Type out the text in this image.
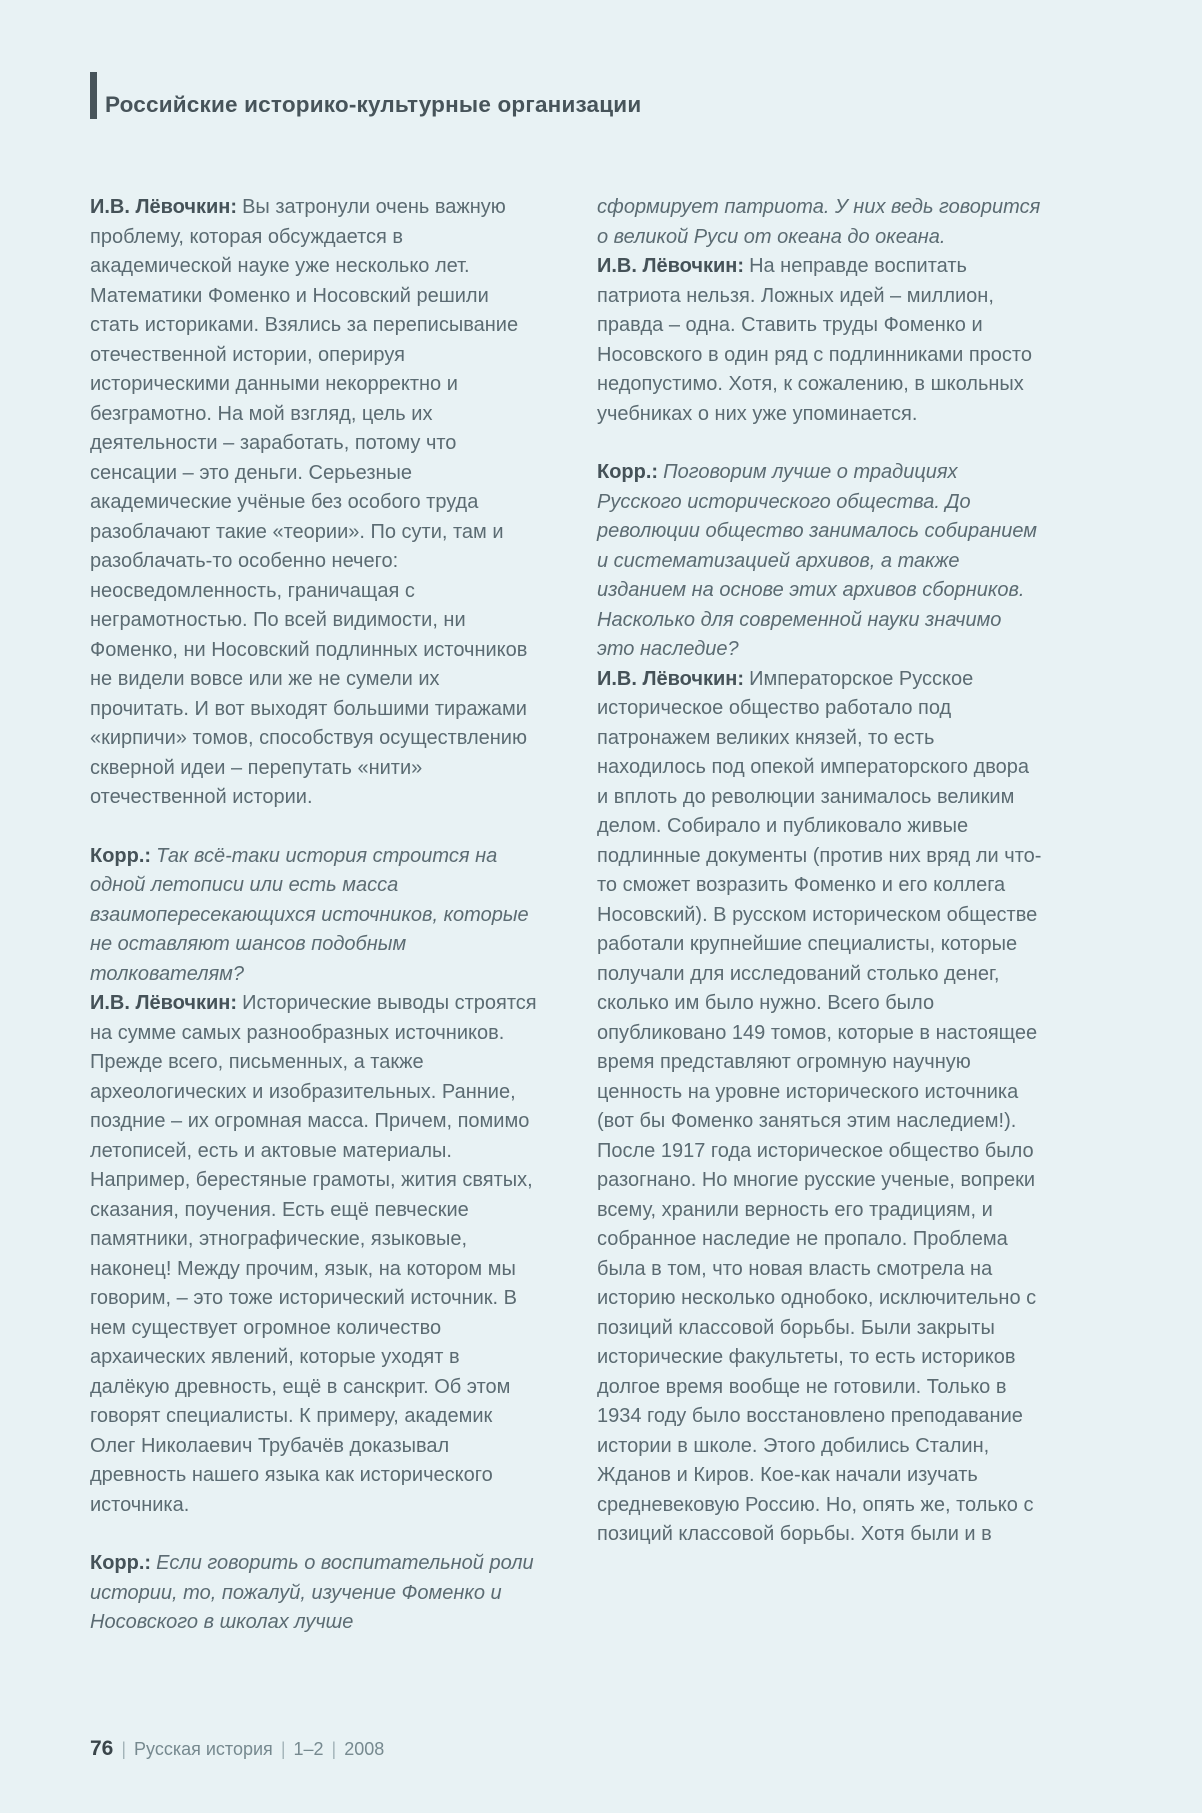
Российские историко-культурные организации

И.В. Лёвочкин: Вы затронули очень важную проблему, которая обсуждается в академической науке уже несколько лет. Математики Фоменко и Носовский решили стать историками. Взялись за переписывание отечественной истории, оперируя историческими данными некорректно и безграмотно. На мой взгляд, цель их деятельности – заработать, потому что сенсации – это деньги. Серьезные академические учёные без особого труда разоблачают такие «теории». По сути, там и разоблачать-то особенно нечего: неосведомленность, граничащая с неграмотностью. По всей видимости, ни Фоменко, ни Носовский подлинных источников не видели вовсе или же не сумели их прочитать. И вот выходят большими тиражами «кирпичи» томов, способствуя осуществлению скверной идеи – перепутать «нити» отечественной истории.

Корр.: Так всё-таки история строится на одной летописи или есть масса взаимопересекающихся источников, которые не оставляют шансов подобным толкователям?

И.В. Лёвочкин: Исторические выводы строятся на сумме самых разнообразных источников. Прежде всего, письменных, а также археологических и изобразительных. Ранние, поздние – их огромная масса. Причем, помимо летописей, есть и актовые материалы. Например, берестяные грамоты, жития святых, сказания, поучения. Есть ещё певческие памятники, этнографические, языковые, наконец! Между прочим, язык, на котором мы говорим, – это тоже исторический источник. В нем существует огромное количество архаических явлений, которые уходят в далёкую древность, ещё в санскрит. Об этом говорят специалисты. К примеру, академик Олег Николаевич Трубачёв доказывал древность нашего языка как исторического источника.

Корр.: Если говорить о воспитательной роли истории, то, пожалуй, изучение Фоменко и Носовского в школах лучше

сформирует патриота. У них ведь говорится о великой Руси от океана до океана.

И.В. Лёвочкин: На неправде воспитать патриота нельзя. Ложных идей – миллион, правда – одна. Ставить труды Фоменко и Носовского в один ряд с подлинниками просто недопустимо. Хотя, к сожалению, в школьных учебниках о них уже упоминается.

Корр.: Поговорим лучше о традициях Русского исторического общества. До революции общество занималось собиранием и систематизацией архивов, а также изданием на основе этих архивов сборников. Насколько для современной науки значимо это наследие?

И.В. Лёвочкин: Императорское Русское историческое общество работало под патронажем великих князей, то есть находилось под опекой императорского двора и вплоть до революции занималось великим делом. Собирало и публиковало живые подлинные документы (против них вряд ли что-то сможет возразить Фоменко и его коллега Носовский). В русском историческом обществе работали крупнейшие специалисты, которые получали для исследований столько денег, сколько им было нужно. Всего было опубликовано 149 томов, которые в настоящее время представляют огромную научную ценность на уровне исторического источника (вот бы Фоменко заняться этим наследием!). После 1917 года историческое общество было разогнано. Но многие русские ученые, вопреки всему, хранили верность его традициям, и собранное наследие не пропало. Проблема была в том, что новая власть смотрела на историю несколько однобоко, исключительно с позиций классовой борьбы. Были закрыты исторические факультеты, то есть историков долгое время вообще не готовили. Только в 1934 году было восстановлено преподавание истории в школе. Этого добились Сталин, Жданов и Киров. Кое-как начали изучать средневековую Россию. Но, опять же, только с позиций классовой борьбы. Хотя были и в

76 | Русская история | 1–2 | 2008
